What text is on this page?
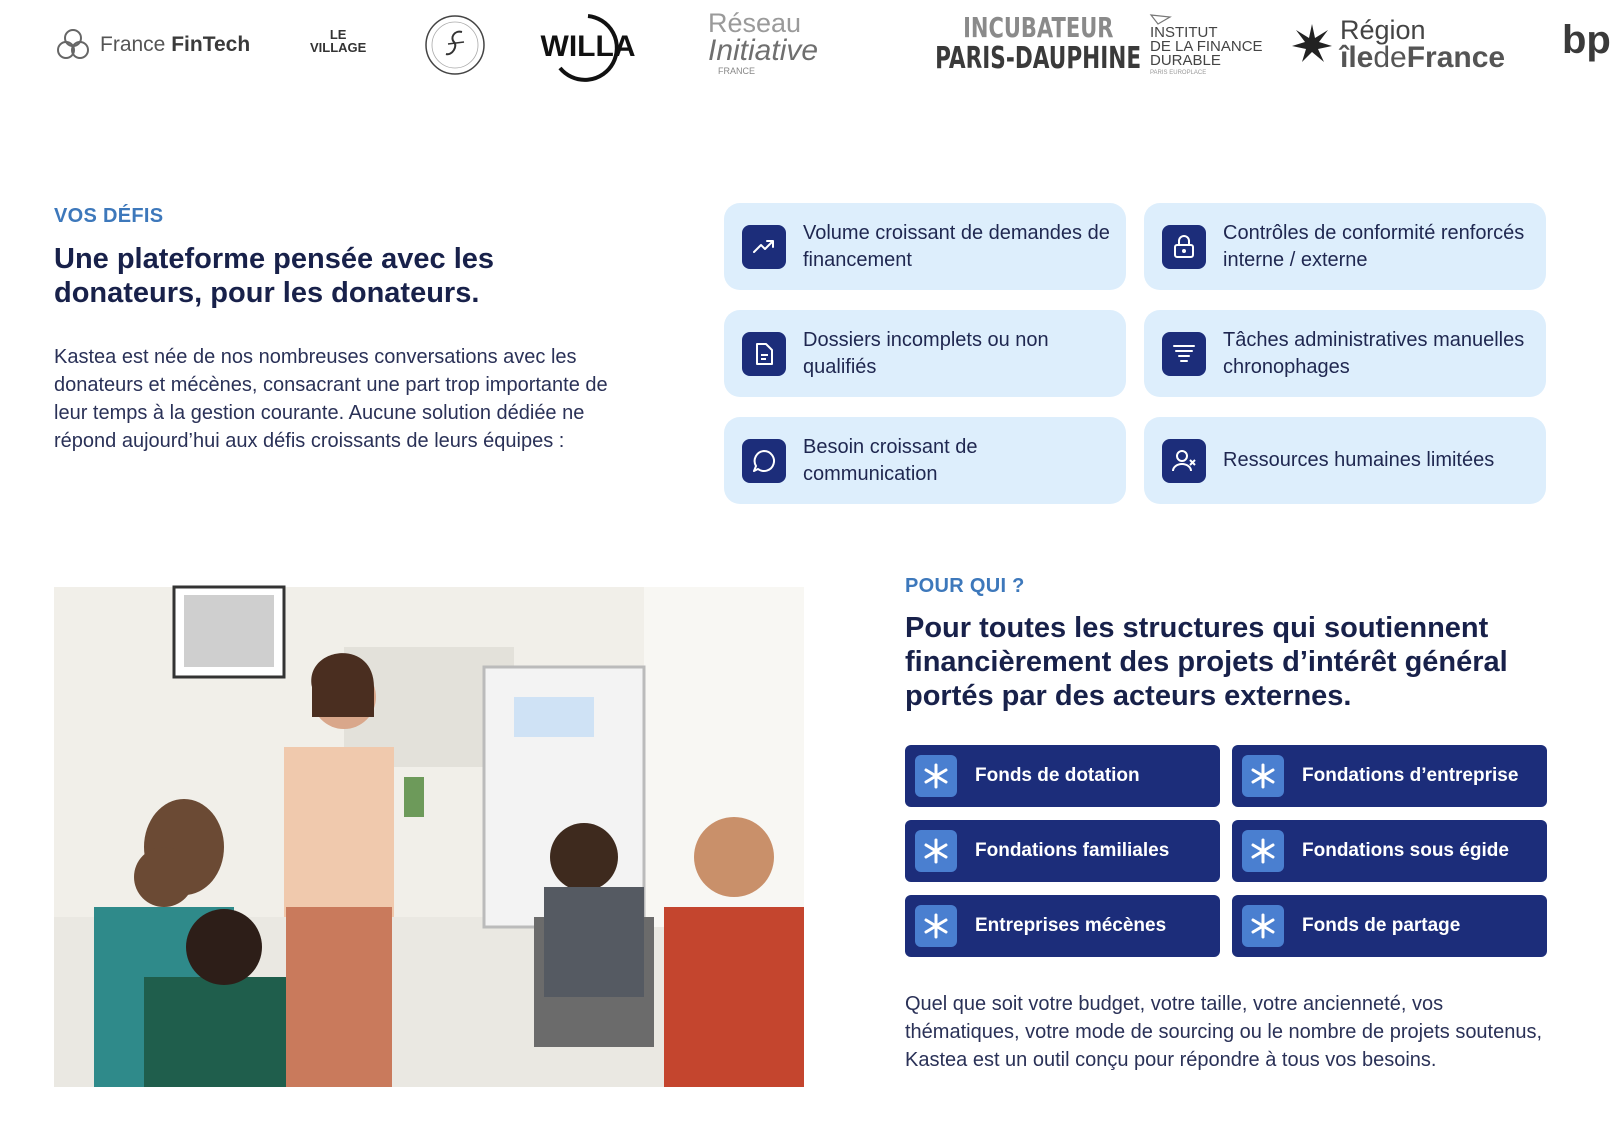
France FinTech	LE
VILLAGE	WILLA
Réseau
Initiative
FRANCE
INCUBATEUR
PARIS-DAUPHINE
INSTITUT
DE LA FINANCE
DURABLE
PARIS EUROPLACE
Région
îledeFrance bp
VOS DÉFIS
Une plateforme pensée avec les donateurs, pour les donateurs.
Kastea est née de nos nombreuses conversations avec les donateurs et mécènes, consacrant une part trop importante de leur temps à la gestion courante. Aucune solution dédiée ne répond aujourd’hui aux défis croissants de leurs équipes :
Volume croissant de demandes de financement
Contrôles de conformité renforcés interne / externe
Dossiers incomplets ou non qualifiés
Tâches administratives manuelles chronophages
Besoin croissant de communication
Ressources humaines limitées
POUR QUI ?
Pour toutes les structures qui soutiennent financièrement des projets d’intérêt général portés par des acteurs externes.
Fonds de dotation	Fondations d’entreprise
Fondations familiales	Fondations sous égide
Entreprises mécènes	Fonds de partage
Quel que soit votre budget, votre taille, votre ancienneté, vos thématiques, votre mode de sourcing ou le nombre de projets soutenus, Kastea est un outil conçu pour répondre à tous vos besoins.
